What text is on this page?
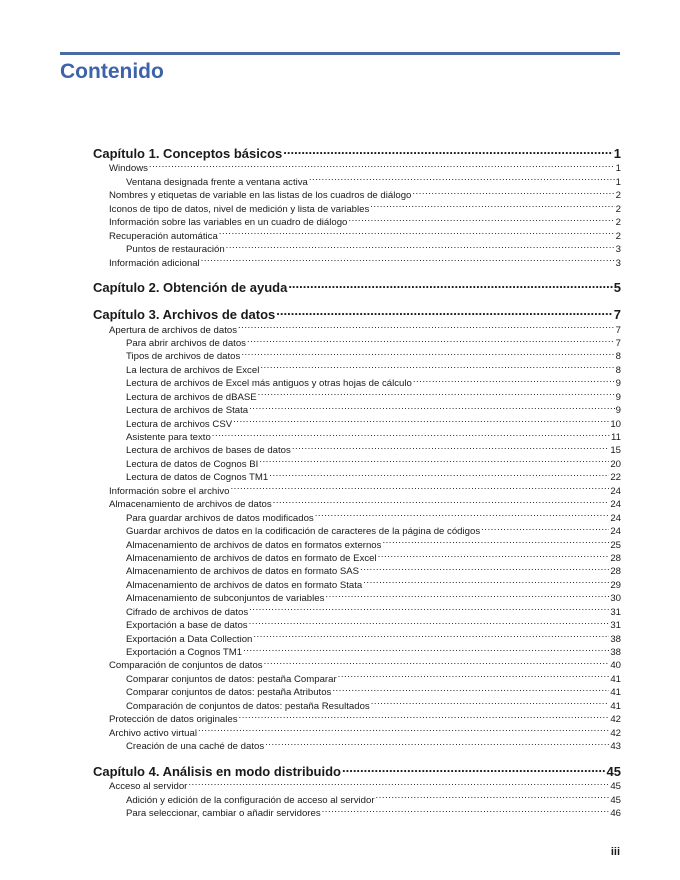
Contenido
Capítulo 1. Conceptos básicos .....	1
Windows .....	1
Ventana designada frente a ventana activa .....	1
Nombres y etiquetas de variable en las listas de los cuadros de diálogo .....	2
Iconos de tipo de datos, nivel de medición y lista de variables .....	2
Información sobre las variables en un cuadro de diálogo .....	2
Recuperación automática .....	2
Puntos de restauración .....	3
Información adicional .....	3
Capítulo 2. Obtención de ayuda .....	5
Capítulo 3. Archivos de datos .....	7
Apertura de archivos de datos .....	7
Para abrir archivos de datos .....	7
Tipos de archivos de datos .....	8
La lectura de archivos de Excel .....	8
Lectura de archivos de Excel más antiguos y otras hojas de cálculo .....	9
Lectura de archivos de dBASE .....	9
Lectura de archivos de Stata .....	9
Lectura de archivos CSV .....	10
Asistente para texto .....	11
Lectura de archivos de bases de datos .....	15
Lectura de datos de Cognos BI .....	20
Lectura de datos de Cognos TM1 .....	22
Información sobre el archivo .....	24
Almacenamiento de archivos de datos .....	24
Para guardar archivos de datos modificados .....	24
Guardar archivos de datos en la codificación de caracteres de la página de códigos .....	24
Almacenamiento de archivos de datos en formatos externos .....	25
Almacenamiento de archivos de datos en formato de Excel .....	28
Almacenamiento de archivos de datos en formato SAS .....	28
Almacenamiento de archivos de datos en formato Stata .....	29
Almacenamiento de subconjuntos de variables .....	30
Cifrado de archivos de datos .....	31
Exportación a base de datos .....	31
Exportación a Data Collection .....	38
Exportación a Cognos TM1 .....	38
Comparación de conjuntos de datos .....	40
Comparar conjuntos de datos: pestaña Comparar .....	41
Comparar conjuntos de datos: pestaña Atributos .....	41
Comparación de conjuntos de datos: pestaña Resultados .....	41
Protección de datos originales .....	42
Archivo activo virtual .....	42
Creación de una caché de datos .....	43
Capítulo 4. Análisis en modo distribuido .....	45
Acceso al servidor .....	45
Adición y edición de la configuración de acceso al servidor .....	45
Para seleccionar, cambiar o añadir servidores .....	46
iii
